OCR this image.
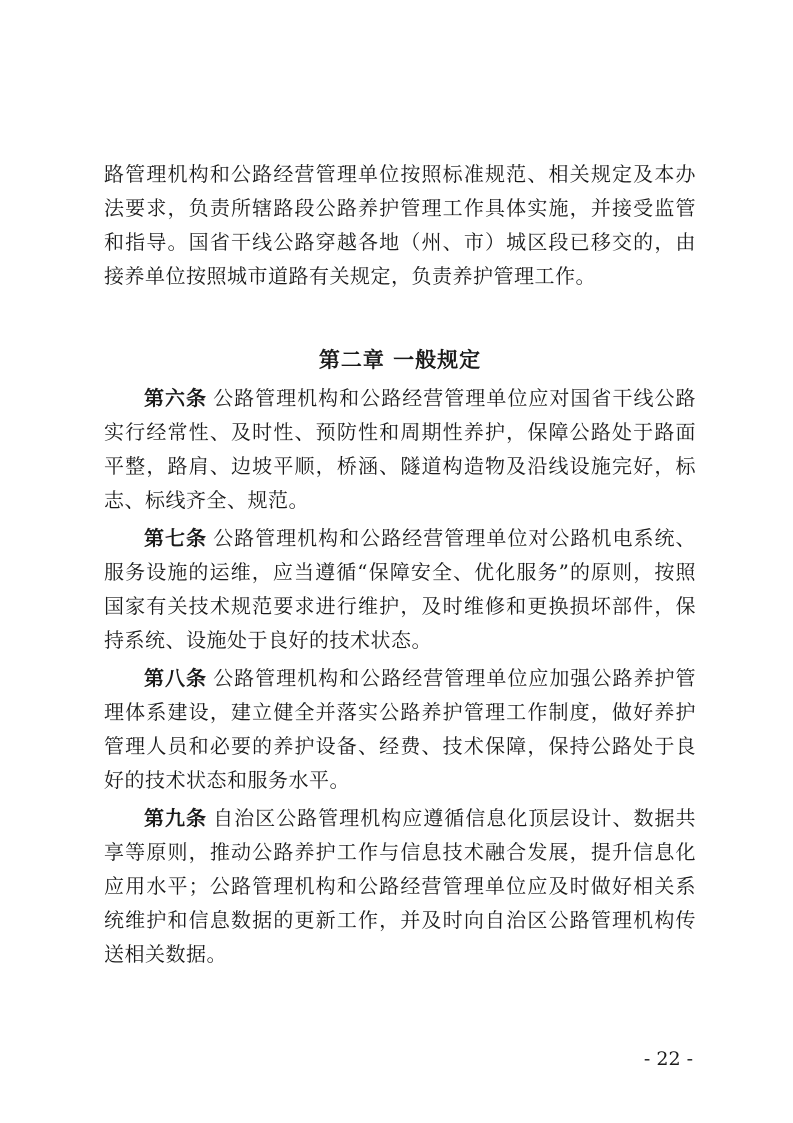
路管理机构和公路经营管理单位按照标准规范、相关规定及本办法要求，负责所辖路段公路养护管理工作具体实施，并接受监管和指导。国省干线公路穿越各地（州、市）城区段已移交的，由接养单位按照城市道路有关规定，负责养护管理工作。

第二章 一般规定

第六条 公路管理机构和公路经营管理单位应对国省干线公路实行经常性、及时性、预防性和周期性养护，保障公路处于路面平整，路肩、边坡平顺，桥涵、隧道构造物及沿线设施完好，标志、标线齐全、规范。

第七条 公路管理机构和公路经营管理单位对公路机电系统、服务设施的运维，应当遵循“保障安全、优化服务”的原则，按照国家有关技术规范要求进行维护，及时维修和更换损坏部件，保持系统、设施处于良好的技术状态。

第八条 公路管理机构和公路经营管理单位应加强公路养护管理体系建设，建立健全并落实公路养护管理工作制度，做好养护管理人员和必要的养护设备、经费、技术保障，保持公路处于良好的技术状态和服务水平。

第九条 自治区公路管理机构应遵循信息化顶层设计、数据共享等原则，推动公路养护工作与信息技术融合发展，提升信息化应用水平；公路管理机构和公路经营管理单位应及时做好相关系统维护和信息数据的更新工作，并及时向自治区公路管理机构传送相关数据。

- 22 -
